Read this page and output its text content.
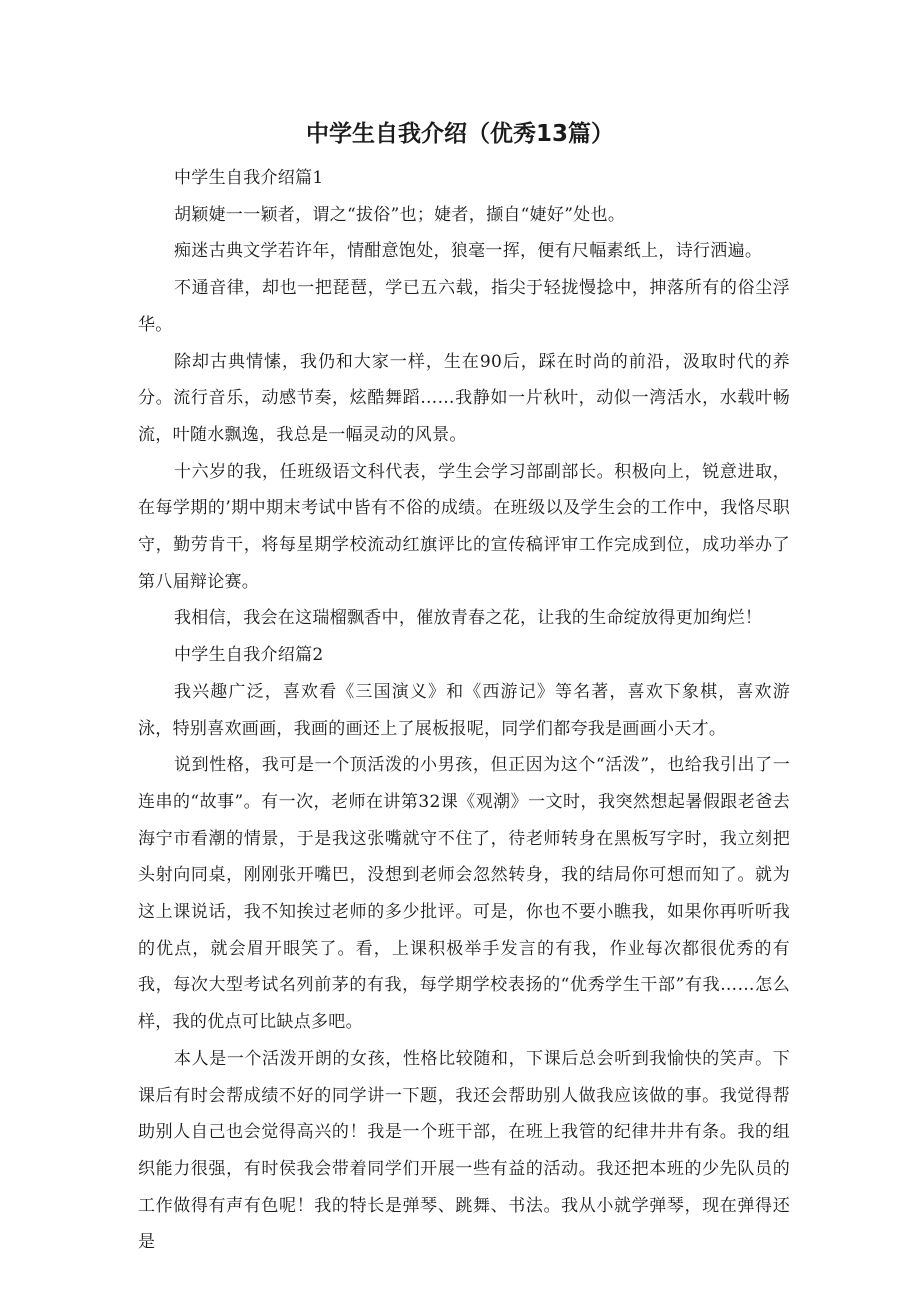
中学生自我介绍（优秀13篇）

中学生自我介绍篇1

胡颖婕一一颖者，谓之“拔俗”也；婕者，撷自“婕好”处也。

痴迷古典文学若许年，情酣意饱处，狼毫一挥，便有尺幅素纸上，诗行洒遍。

不通音律，却也一把琵琶，学已五六载，指尖于轻拢慢捻中，抻落所有的俗尘浮华。

除却古典情愫，我仍和大家一样，生在90后，踩在时尚的前沿，汲取时代的养分。流行音乐，动感节奏，炫酷舞蹈……我静如一片秋叶，动似一湾活水，水载叶畅流，叶随水飘逸，我总是一幅灵动的风景。

十六岁的我，任班级语文科代表，学生会学习部副部长。积极向上，锐意进取，在每学期的’期中期末考试中皆有不俗的成绩。在班级以及学生会的工作中，我恪尽职守，勤劳肯干，将每星期学校流动红旗评比的宣传稿评审工作完成到位，成功举办了第八届辩论赛。

我相信，我会在这瑞榴飘香中，催放青春之花，让我的生命绽放得更加绚烂！

中学生自我介绍篇2

我兴趣广泛，喜欢看《三国演义》和《西游记》等名著，喜欢下象棋，喜欢游泳，特别喜欢画画，我画的画还上了展板报呢，同学们都夸我是画画小天才。

说到性格，我可是一个顶活泼的小男孩，但正因为这个“活泼”，也给我引出了一连串的“故事”。有一次，老师在讲第32课《观潮》一文时，我突然想起暑假跟老爸去海宁市看潮的情景，于是我这张嘴就守不住了，待老师转身在黑板写字时，我立刻把头射向同桌，刚刚张开嘴巴，没想到老师会忽然转身，我的结局你可想而知了。就为这上课说话，我不知挨过老师的多少批评。可是，你也不要小瞧我，如果你再听听我的优点，就会眉开眼笑了。看，上课积极举手发言的有我，作业每次都很优秀的有我，每次大型考试名列前茅的有我，每学期学校表扬的“优秀学生干部”有我……怎么样，我的优点可比缺点多吧。

本人是一个活泼开朗的女孩，性格比较随和，下课后总会听到我愉快的笑声。下课后有时会帮成绩不好的同学讲一下题，我还会帮助别人做我应该做的事。我觉得帮助别人自己也会觉得高兴的！我是一个班干部，在班上我管的纪律井井有条。我的组织能力很强，有时侯我会带着同学们开展一些有益的活动。我还把本班的少先队员的工作做得有声有色呢！我的特长是弹琴、跳舞、书法。我从小就学弹琴，现在弹得还是
